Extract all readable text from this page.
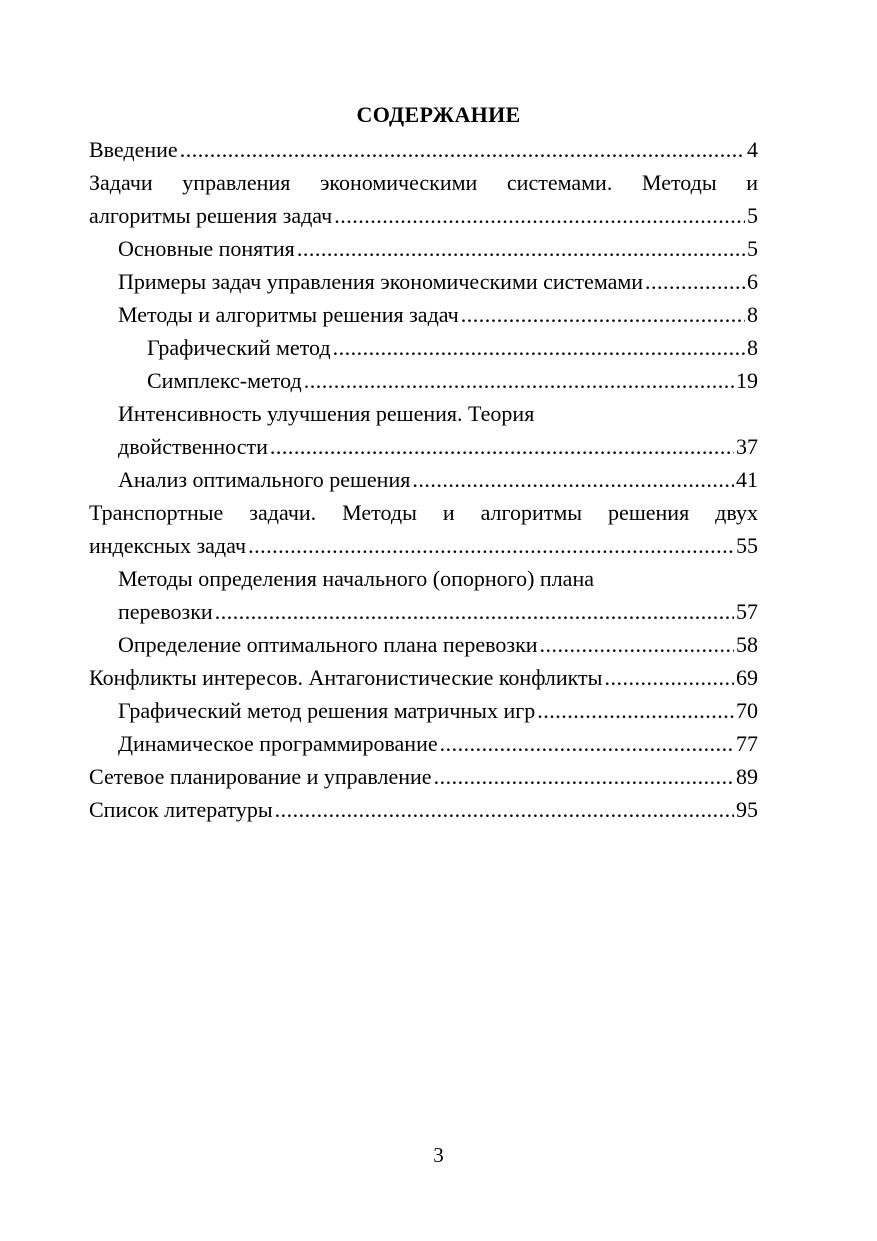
СОДЕРЖАНИЕ
Введение .....	4
Задачи управления экономическими системами. Методы и
алгоритмы решения задач .....	5
Основные понятия .....	5
Примеры задач управления экономическими системами .....	6
Методы и алгоритмы решения задач .....	8
Графический метод .....	8
Симплекс-метод .....	19
Интенсивность улучшения решения. Теория
двойственности .....	37
Анализ оптимального решения .....	41
Транспортные задачи. Методы и алгоритмы решения двух
индексных задач .....	55
Методы определения начального (опорного) плана
перевозки .....	57
Определение оптимального плана перевозки .....	58
Конфликты интересов. Антагонистические конфликты .....	69
Графический метод решения матричных игр .....	70
Динамическое программирование .....	77
Сетевое планирование и управление .....	89
Список литературы .....	95
3
